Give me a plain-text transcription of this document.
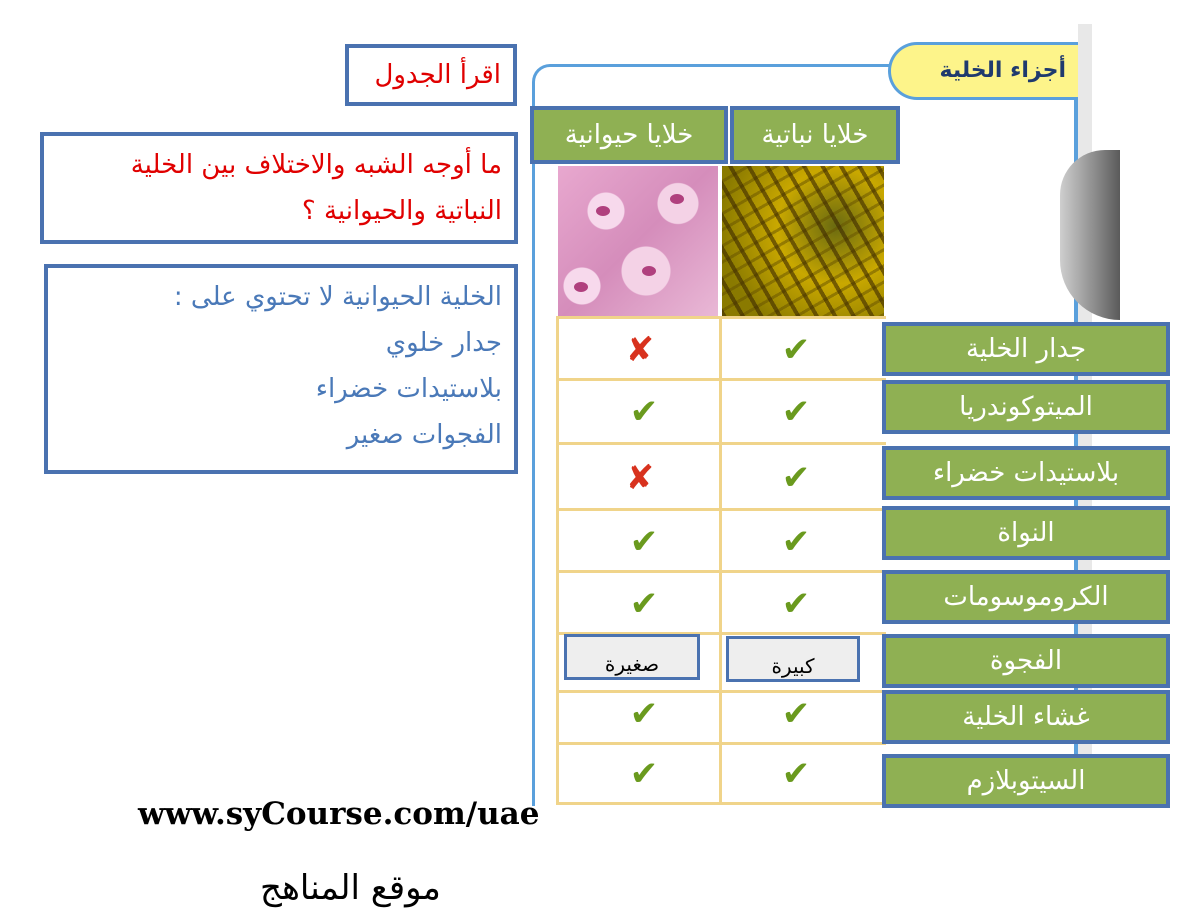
اقرأ الجدول
ما أوجه الشبه والاختلاف بين الخلية
النباتية والحيوانية ؟
الخلية الحيوانية لا تحتوي على :
جدار خلوي
بلاستيدات خضراء
الفجوات صغير
أجزاء الخلية
خلايا نباتية
خلايا حيوانية
جدار الخلية
الميتوكوندريا
بلاستيدات خضراء
النواة
الكروموسومات
الفجوة
غشاء الخلية
السيتوبلازم
✔
✘
✔
✔
✔
✘
✔
✔
✔
✔
كبيرة
صغيرة
✔
✔
✔
✔
www.syCourse.com/uae
موقع المناهج
